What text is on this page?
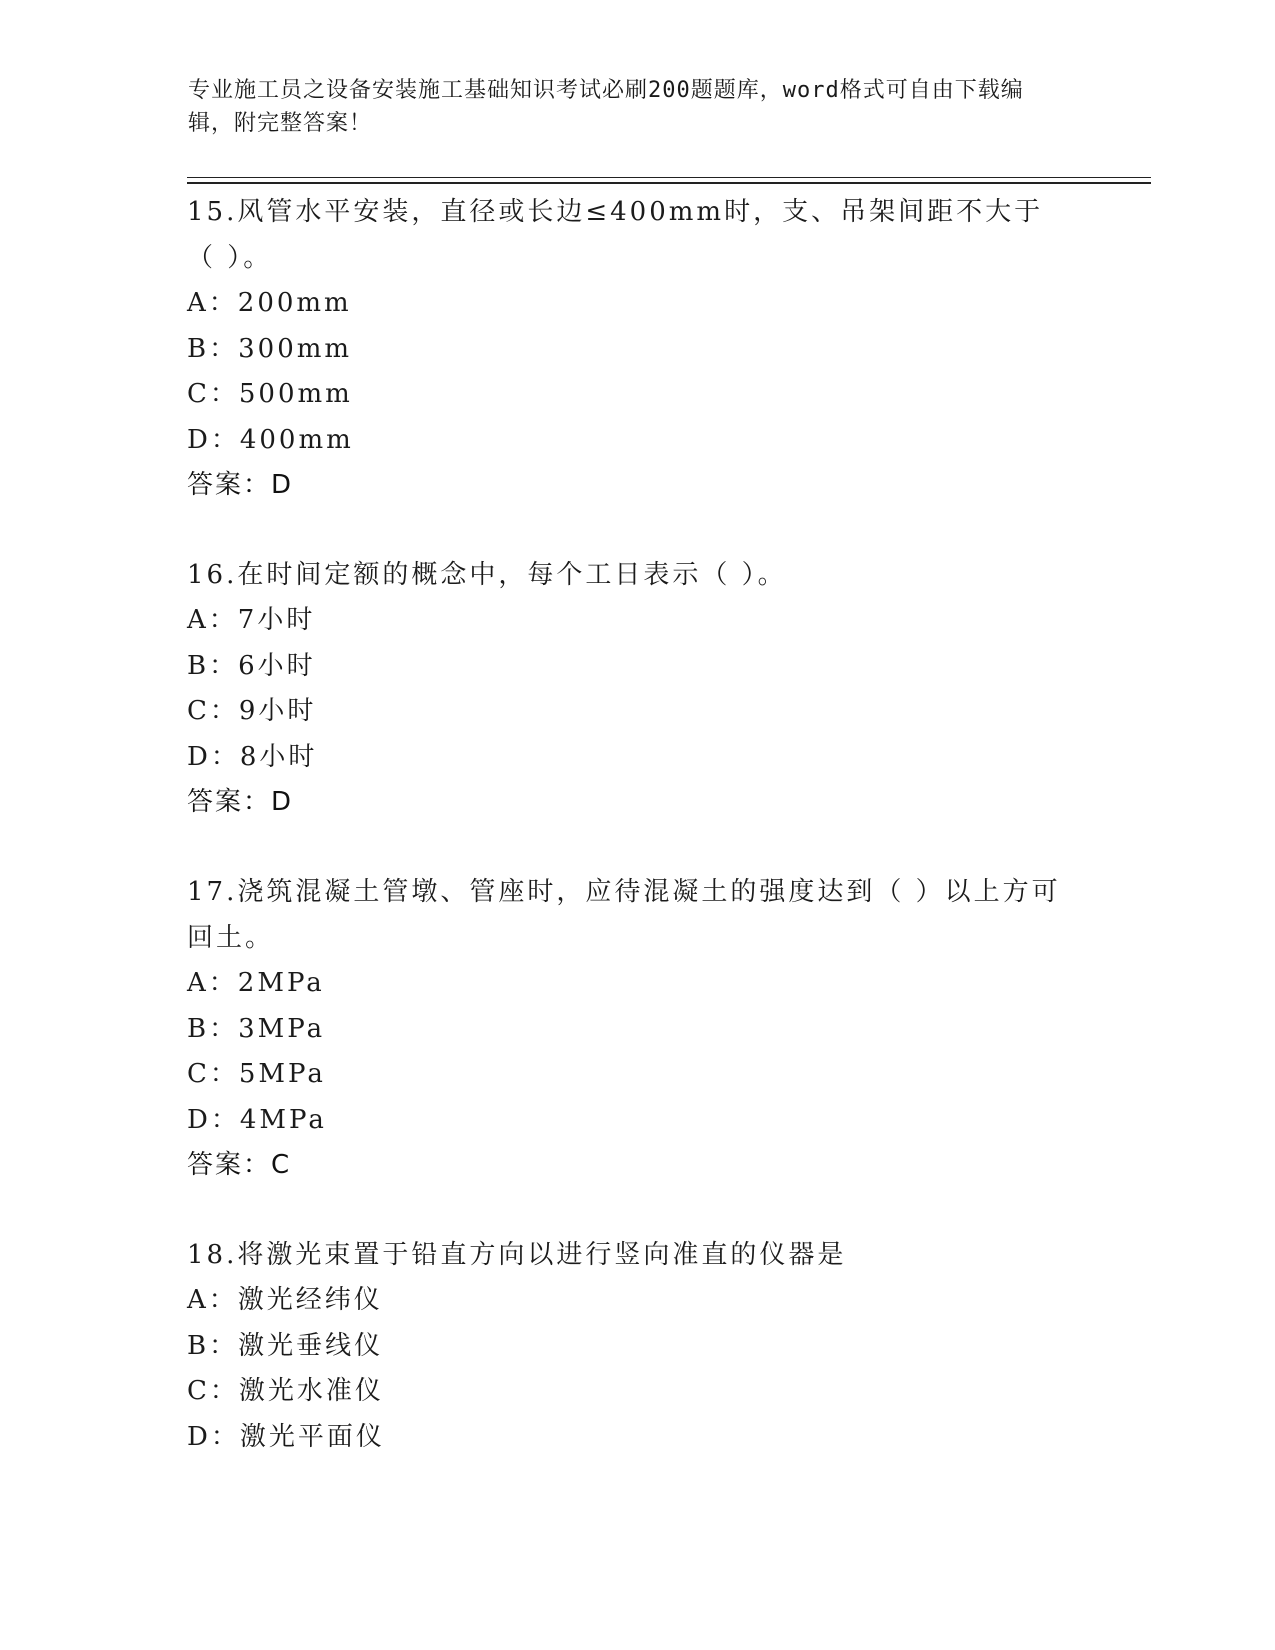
专业施工员之设备安装施工基础知识考试必刷200题题库，word格式可自由下载编辑，附完整答案！
15.风管水平安装，直径或长边≤400mm时，支、吊架间距不大于（ ）。
A：200mm
B：300mm
C：500mm
D：400mm
答案：D
16.在时间定额的概念中，每个工日表示（ ）。
A：7小时
B：6小时
C：9小时
D：8小时
答案：D
17.浇筑混凝土管墩、管座时，应待混凝土的强度达到（ ）以上方可回土。
A：2MPa
B：3MPa
C：5MPa
D：4MPa
答案：C
18.将激光束置于铅直方向以进行竖向准直的仪器是
A：激光经纬仪
B：激光垂线仪
C：激光水准仪
D：激光平面仪
